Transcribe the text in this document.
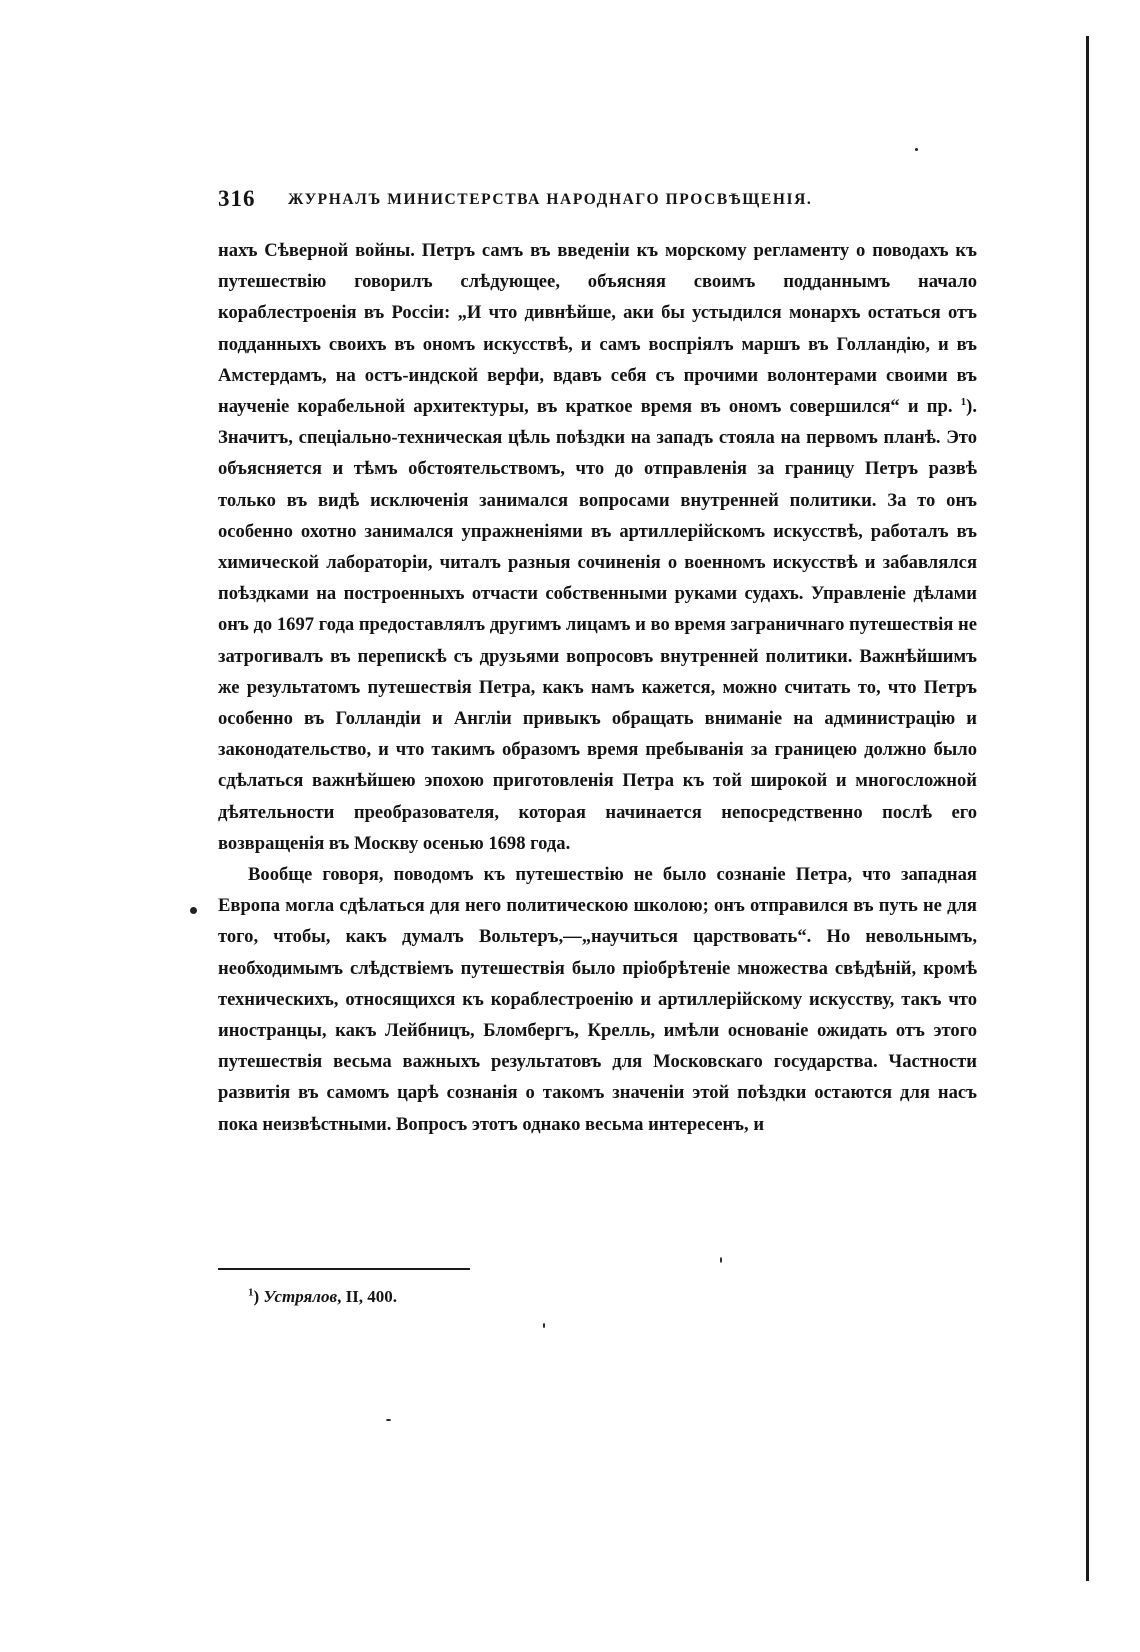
316 ЖУРНАЛЪ МИНИСТЕРСТВА НАРОДНАГО ПРОСВѢЩЕНІЯ.

нахъ Сѣверной войны. Петръ самъ въ введеніи къ морскому регламенту о поводахъ къ путешествію говорилъ слѣдующее, объясняя своимъ подданнымъ начало кораблестроенія въ Россіи: „И что дивнѣйше, аки бы устыдился монархъ остаться отъ подданныхъ своихъ въ ономъ искусствѣ, и самъ воспріялъ маршъ въ Голландію, и въ Амстердамъ, на остъ-индской верфи, вдавъ себя съ прочими волонтерами своими въ наученіе корабельной архитектуры, въ краткое время въ ономъ совершился“ и пр. $^1$). Значитъ, спеціально-техническая цѣль поѣздки на западъ стояла на первомъ планѣ. Это объясняется и тѣмъ обстоятельствомъ, что до отправленія за границу Петръ развѣ только въ видѣ исключенія занимался вопросами внутренней политики. За то онъ особенно охотно занимался упражненіями въ артиллерійскомъ искусствѣ, работалъ въ химической лабораторіи, читалъ разныя сочиненія о военномъ искусствѣ и забавлялся поѣздками на построенныхъ отчасти собственными руками судахъ. Управленіе дѣлами онъ до 1697 года предоставлялъ другимъ лицамъ и во время заграничнаго путешествія не затрогивалъ въ перепискѣ съ друзьями вопросовъ внутренней политики. Важнѣйшимъ же результатомъ путешествія Петра, какъ намъ кажется, можно считать то, что Петръ особенно въ Голландіи и Англіи привыкъ обращать вниманіе на администрацію и законодательство, и что такимъ образомъ время пребыванія за границею должно было сдѣлаться важнѣйшею эпохою приготовленія Петра къ той широкой и многосложной дѣятельности преобразователя, которая начинается непосредственно послѣ его возвращенія въ Москву осенью 1698 года.

Вообще говоря, поводомъ къ путешествію не было сознаніе Петра, что западная Европа могла сдѣлаться для него политическою школою; онъ отправился въ путь не для того, чтобы, какъ думалъ Вольтеръ,—„научиться царствовать“. Но невольнымъ, необходимымъ слѣдствіемъ путешествія было пріобрѣтеніе множества свѣдѣній, кромѣ техническихъ, относящихся къ кораблестроенію и артиллерійскому искусству, такъ что иностранцы, какъ Лейбницъ, Бломбергъ, Крелль, имѣли основаніе ожидать отъ этого путешествія весьма важныхъ результатовъ для Московскаго государства. Частности развитія въ самомъ царѣ сознанія о такомъ значеніи этой поѣздки остаются для насъ пока неизвѣстными. Вопросъ этотъ однако весьма интересенъ, и

$^1$) Устрялов, II, 400.
